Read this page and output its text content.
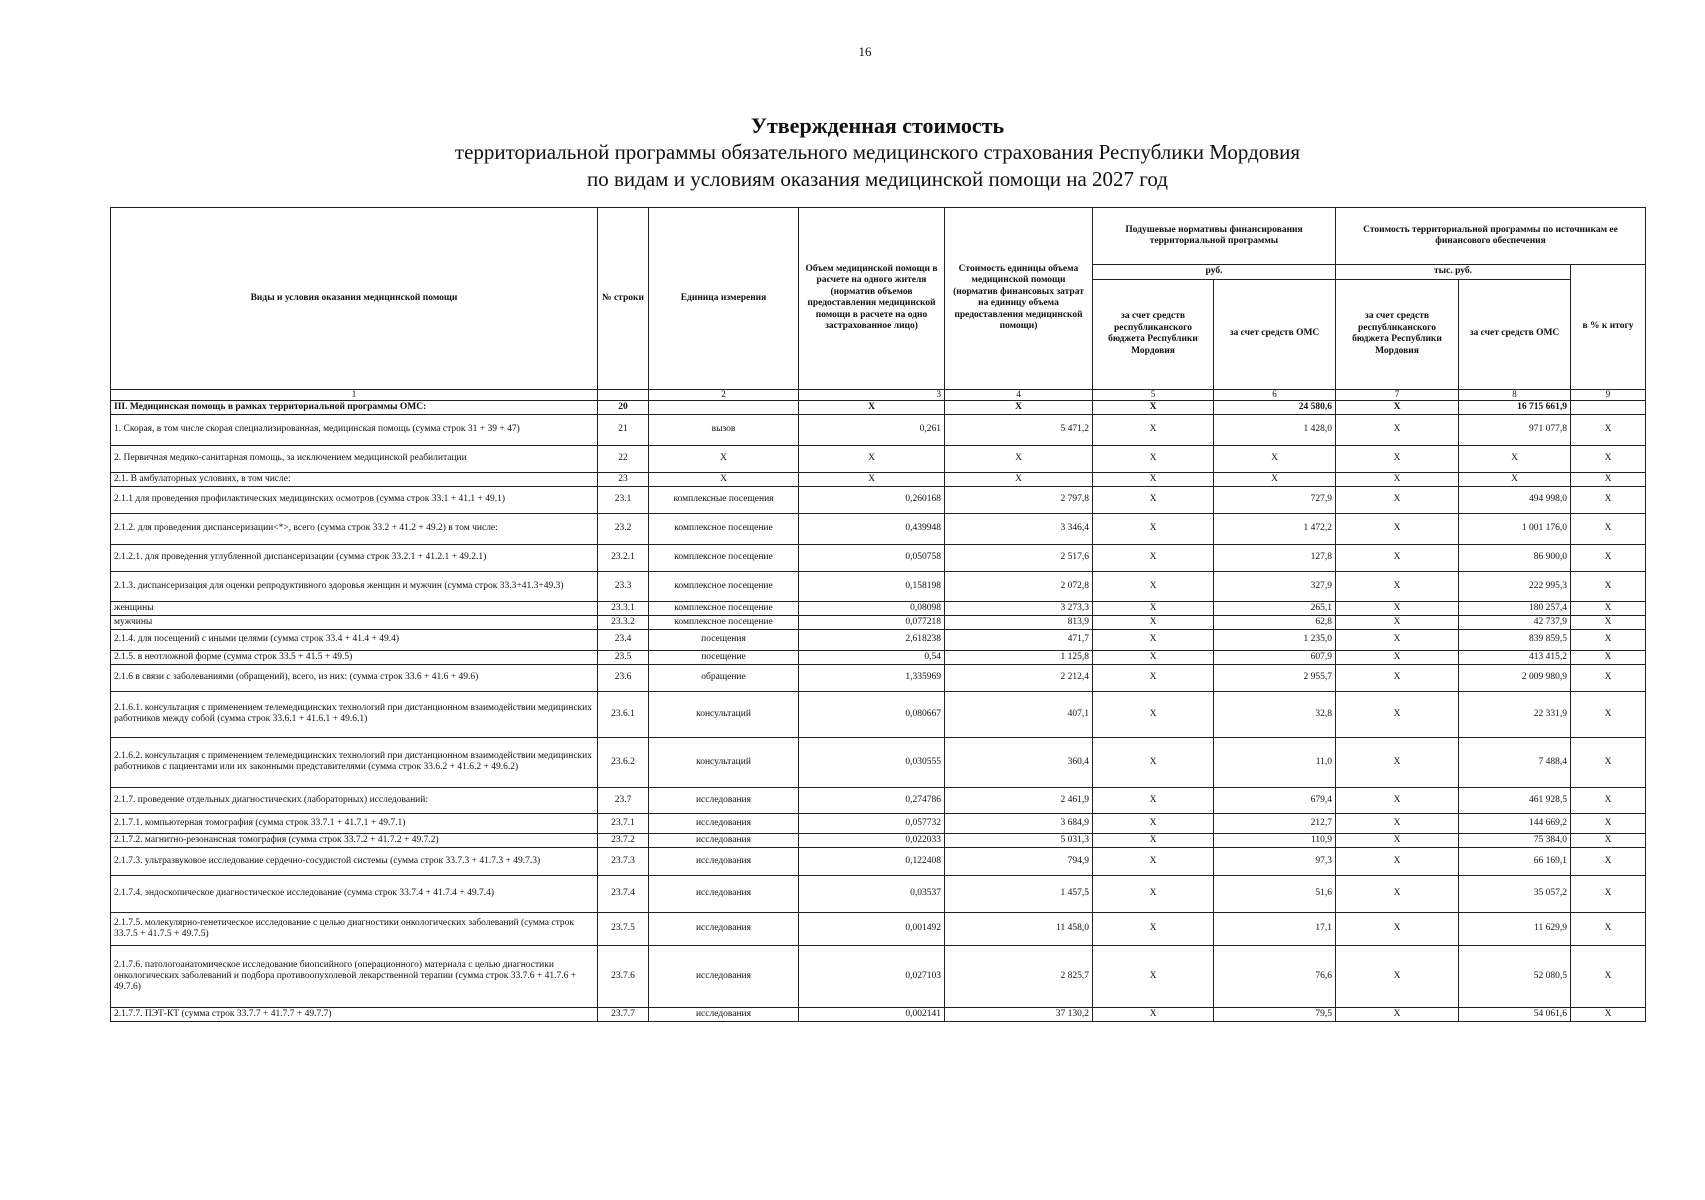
16
Утвержденная стоимость
территориальной программы обязательного медицинского страхования Республики Мордовия
по видам и условиям оказания медицинской помощи на 2027 год
Виды и условия оказания медицинской помощи	№ строки	Единица измерения	Объем медицинской помощи в расчете на одного жителя (норматив объемов предоставления медицинской помощи в расчете на одно застрахованное лицо)	Стоимость единицы объема медицинской помощи (норматив финансовых затрат на единицу объема предоставления медицинской помощи)	Подушевые нормативы финансирования территориальной программы		Стоимость территориальной программы по источникам ее финансового обеспечения		
					руб.		тыс. руб.		в % к итогу
					за счет средств республиканского бюджета Республики Мордовия	за счет средств ОМС	за счет средств республиканского бюджета Республики Мордовия	за счет средств ОМС	
1		2	3	4	5	6	7	8	9
III. Медицинская помощь в рамках территориальной программы ОМС:	20		X	X	X	24 580,6	X	16 715 661,9	
1. Скорая, в том числе скорая специализированная, медицинская помощь (сумма строк 31 + 39 + 47)	21	вызов	0,261	5 471,2	X	1 428,0	X	971 077,8	X
2. Первичная медико-санитарная помощь, за исключением медицинской реабилитации	22	X	X	X	X	X	X	X	X
2.1. В амбулаторных условиях, в том числе:	23	X	X	X	X	X	X	X	X
2.1.1 для проведения профилактических медицинских осмотров (сумма строк 33.1 + 41.1 + 49.1)	23.1	комплексные посещения	0,260168	2 797,8	X	727,9	X	494 998,0	X
2.1.2. для проведения диспансеризации<*>, всего (сумма строк 33.2 + 41.2 + 49.2) в том числе:	23.2	комплексное посещение	0,439948	3 346,4	X	1 472,2	X	1 001 176,0	X
2.1.2.1. для проведения углубленной диспансеризации (сумма строк 33.2.1 + 41.2.1 + 49.2.1)	23.2.1	комплексное посещение	0,050758	2 517,6	X	127,8	X	86 900,0	X
2.1.3. диспансеризация для оценки репродуктивного здоровья женщин и мужчин (сумма строк 33.3+41.3+49.3)	23.3	комплексное посещение	0,158198	2 072,8	X	327,9	X	222 995,3	X
женщины	23.3.1	комплексное посещение	0,08098	3 273,3	X	265,1	X	180 257,4	X
мужчины	23.3.2	комплексное посещение	0,077218	813,9	X	62,8	X	42 737,9	X
2.1.4. для посещений с иными целями (сумма строк 33.4 + 41.4 + 49.4)	23.4	посещения	2,618238	471,7	X	1 235,0	X	839 859,5	X
2.1.5. в неотложной форме (сумма строк 33.5 + 41.5 + 49.5)	23.5	посещение	0,54	1 125,8	X	607,9	X	413 415,2	X
2.1.6 в связи с заболеваниями (обращений), всего, из них: (сумма строк 33.6 + 41.6 + 49.6)	23.6	обращение	1,335969	2 212,4	X	2 955,7	X	2 009 980,9	X
2.1.6.1. консультация с применением телемедицинских технологий при дистанционном взаимодействии медицинских работников между собой (сумма строк 33.6.1 + 41.6.1 + 49.6.1)	23.6.1	консультаций	0,080667	407,1	X	32,8	X	22 331,9	X
2.1.6.2. консультация с применением телемедицинских технологий при дистанционном взаимодействии медицинских работников с пациентами или их законными представителями (сумма строк 33.6.2 + 41.6.2 + 49.6.2)	23.6.2	консультаций	0,030555	360,4	X	11,0	X	7 488,4	X
2.1.7. проведение отдельных диагностических (лабораторных) исследований:	23.7	исследования	0,274786	2 461,9	X	679,4	X	461 928,5	X
2.1.7.1. компьютерная томография (сумма строк 33.7.1 + 41.7.1 + 49.7.1)	23.7.1	исследования	0,057732	3 684,9	X	212,7	X	144 669,2	X
2.1.7.2. магнитно-резонансная томография (сумма строк 33.7.2 + 41.7.2 + 49.7.2)	23.7.2	исследования	0,022033	5 031,3	X	110,9	X	75 384,0	X
2.1.7.3. ультразвуковое исследование сердечно-сосудистой системы (сумма строк 33.7.3 + 41.7.3 + 49.7.3)	23.7.3	исследования	0,122408	794,9	X	97,3	X	66 169,1	X
2.1.7.4. эндоскопическое диагностическое исследование (сумма строк 33.7.4 + 41.7.4 + 49.7.4)	23.7.4	исследования	0,03537	1 457,5	X	51,6	X	35 057,2	X
2.1.7.5. молекулярно-генетическое исследование с целью диагностики онкологических заболеваний (сумма строк 33.7.5 + 41.7.5 + 49.7.5)	23.7.5	исследования	0,001492	11 458,0	X	17,1	X	11 629,9	X
2.1.7.6. патологоанатомическое исследование биопсийного (операционного) материала с целью диагностики онкологических заболеваний и подбора противоопухолевой лекарственной терапии (сумма строк 33.7.6 + 41.7.6 + 49.7.6)	23.7.6	исследования	0,027103	2 825,7	X	76,6	X	52 080,5	X
2.1.7.7. ПЭТ-КТ (сумма строк 33.7.7 + 41.7.7 + 49.7.7)	23.7.7	исследования	0,002141	37 130,2	X	79,5	X	54 061,6	X
